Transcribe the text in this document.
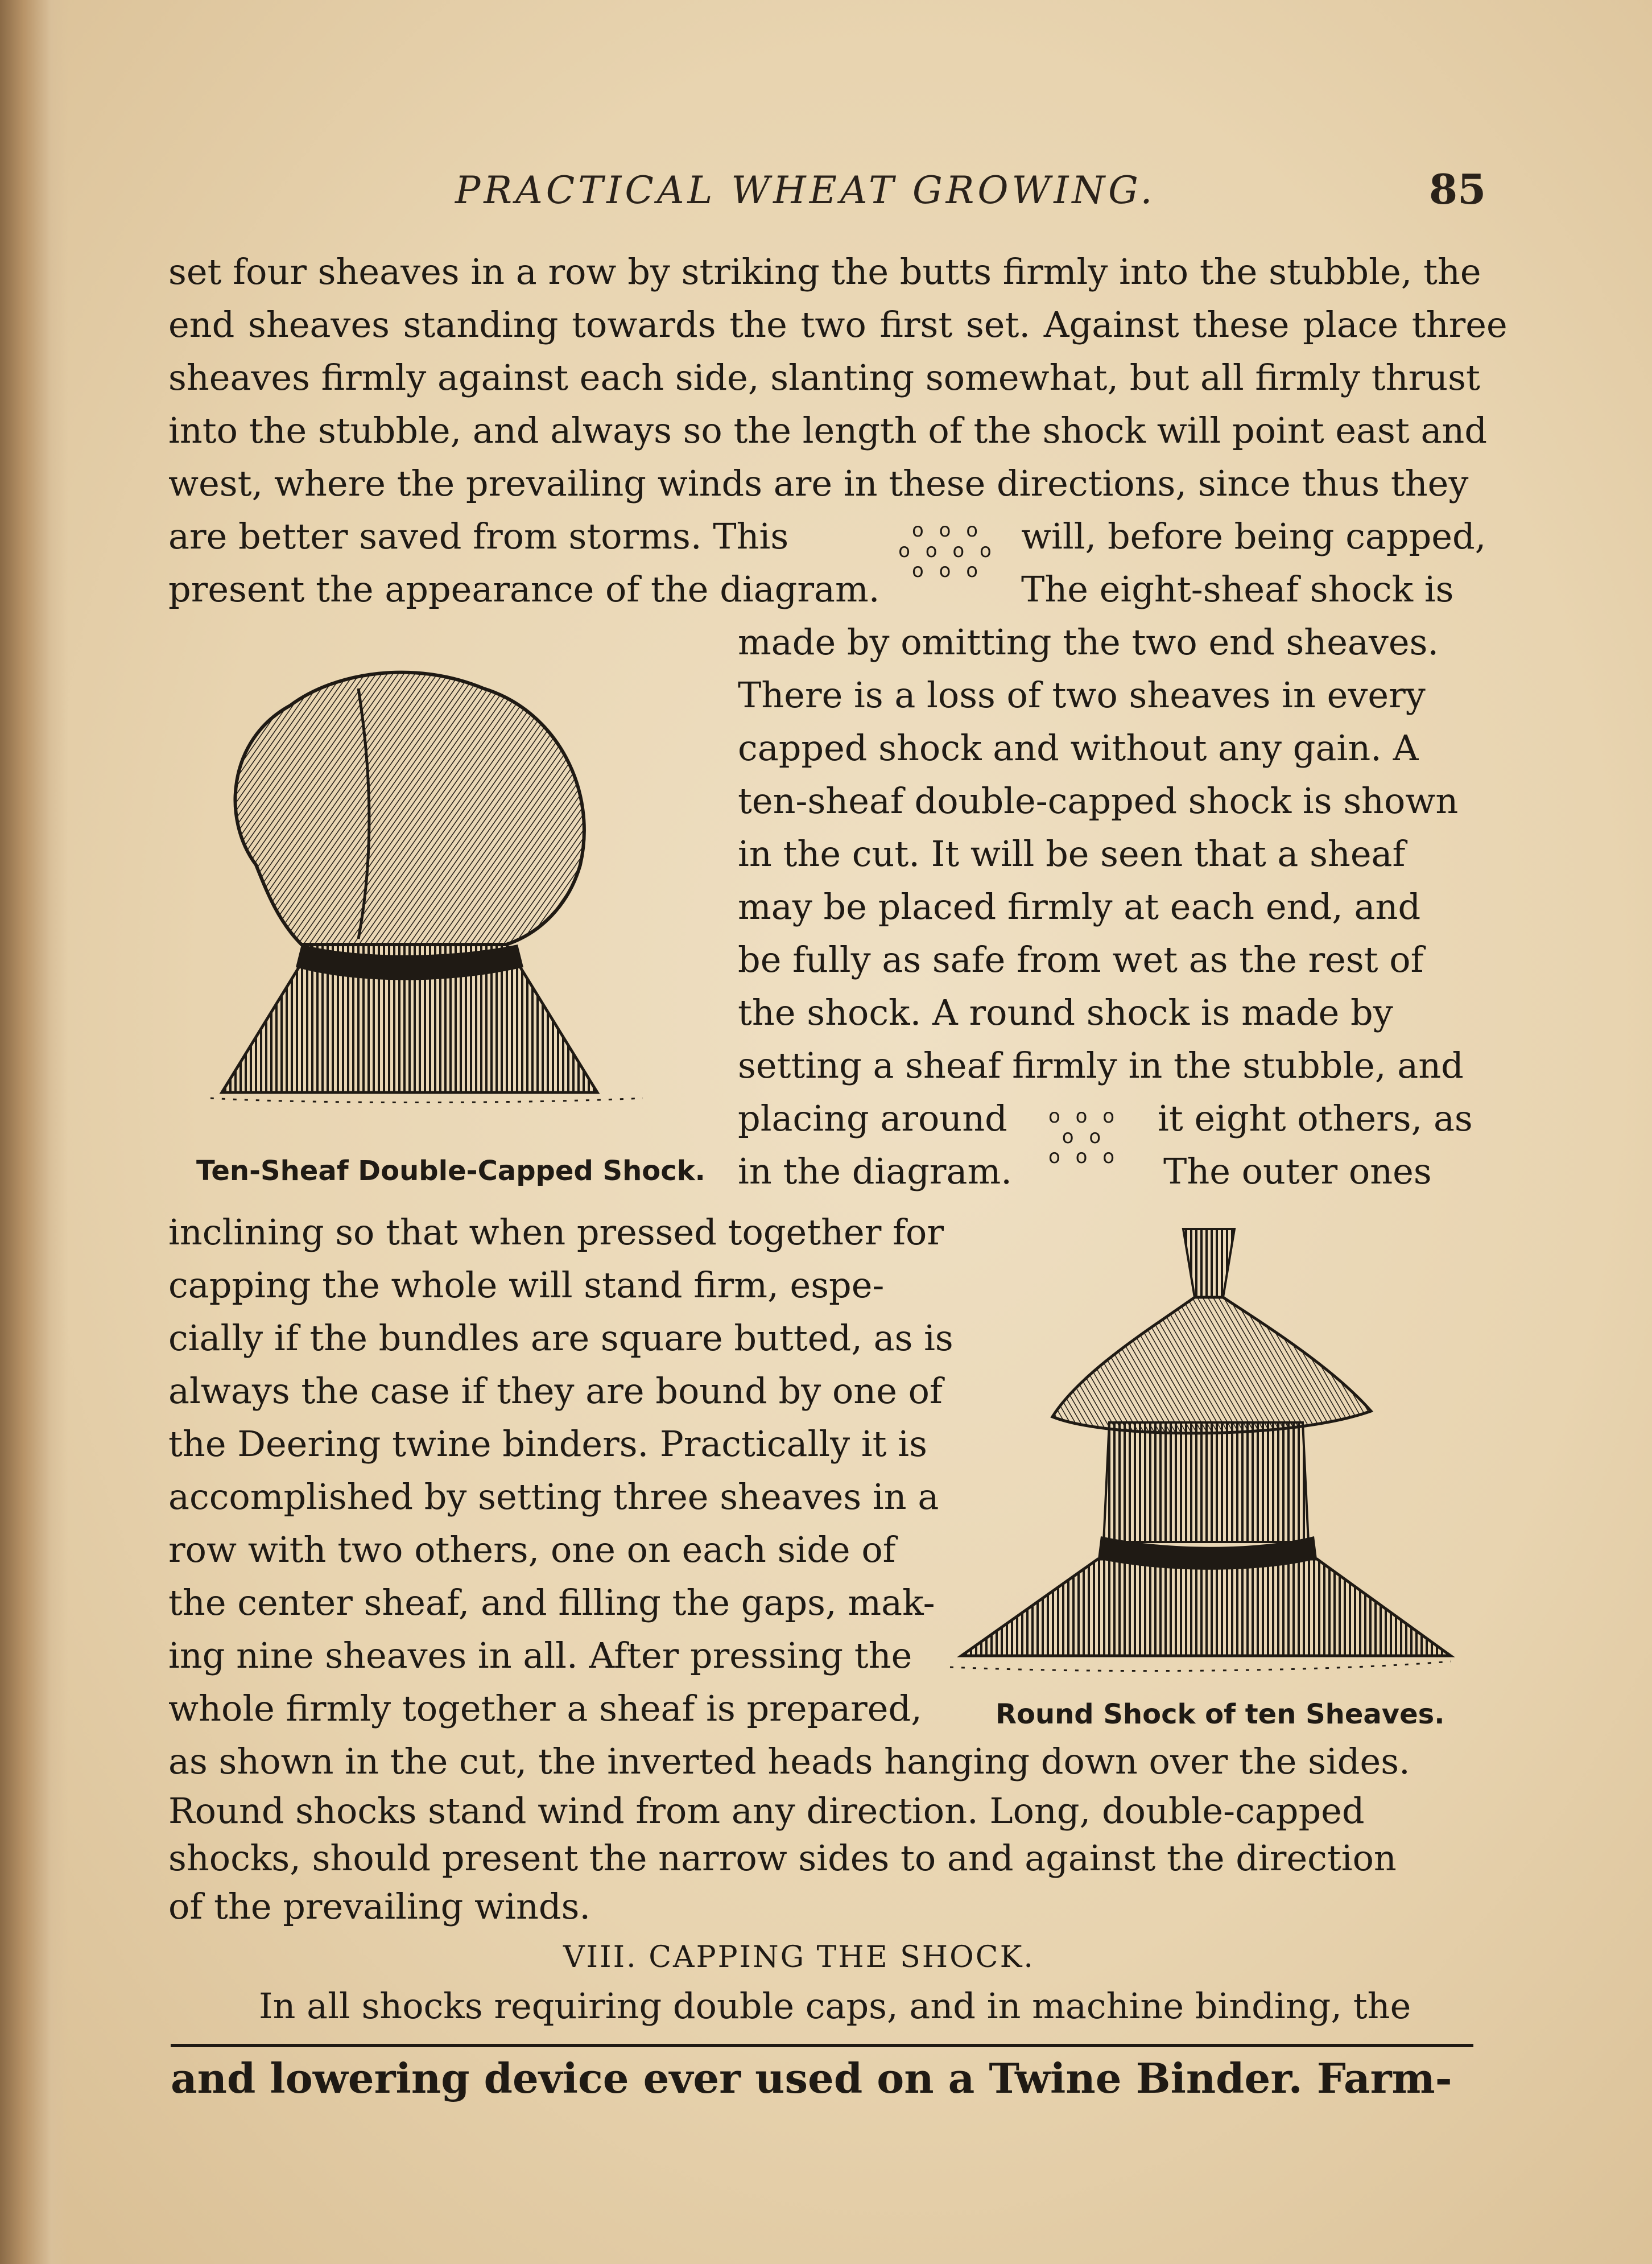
PRACTICAL WHEAT GROWING.	85
set four sheaves in a row by striking the butts firmly into the stubble, the
end sheaves standing towards the two first set. Against these place three
sheaves firmly against each side, slanting somewhat, but all firmly thrust
into the stubble, and always so the length of the shock will point east and
west, where the prevailing winds are in these directions, since thus they
are better saved from storms. This	will, before being capped,
present the appearance of the diagram.	The eight-sheaf shock is
o o o
o o o o
o o o
made by omitting the two end sheaves.
There is a loss of two sheaves in every
capped shock and without any gain. A
ten-sheaf double-capped shock is shown
in the cut. It will be seen that a sheaf
may be placed firmly at each end, and
be fully as safe from wet as the rest of
the shock. A round shock is made by
setting a sheaf firmly in the stubble, and
placing around	it eight others, as
in the diagram.	The outer ones
o o o
o o
o o o
Ten-Sheaf Double-Capped Shock.
inclining so that when pressed together for
capping the whole will stand firm, espe-
cially if the bundles are square butted, as is
always the case if they are bound by one of
the Deering twine binders. Practically it is
accomplished by setting three sheaves in a
row with two others, one on each side of
the center sheaf, and filling the gaps, mak-
ing nine sheaves in all. After pressing the
whole firmly together a sheaf is prepared,	Round Shock of ten Sheaves.
as shown in the cut, the inverted heads hanging down over the sides.
Round shocks stand wind from any direction. Long, double-capped
shocks, should present the narrow sides to and against the direction
of the prevailing winds.
VIII. CAPPING THE SHOCK.
In all shocks requiring double caps, and in machine binding, the
and lowering device ever used on a Twine Binder. Farm-
